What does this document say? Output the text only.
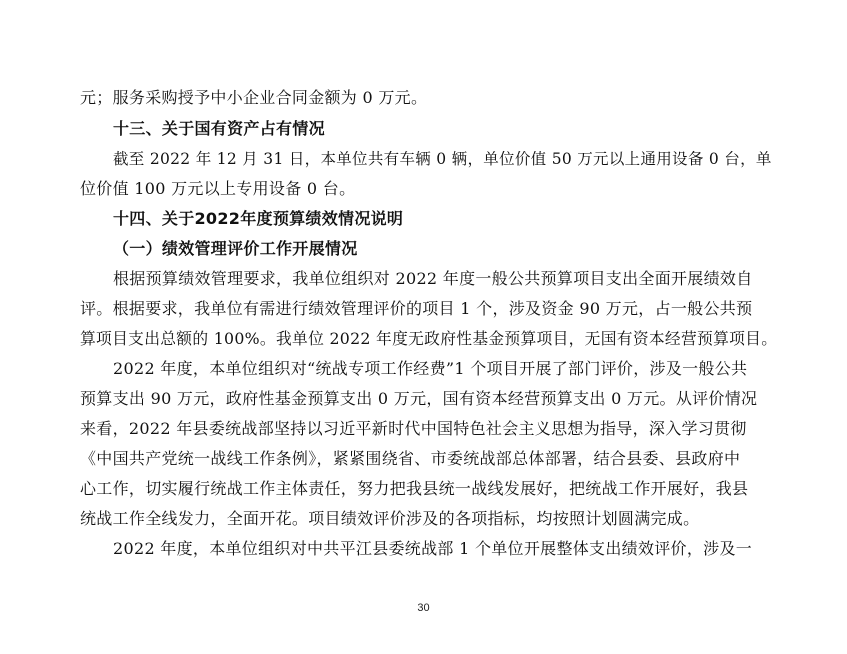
元；服务采购授予中小企业合同金额为 0 万元。
十三、关于国有资产占有情况
截至 2022 年 12 月 31 日，本单位共有车辆 0 辆，单位价值 50 万元以上通用设备 0 台，单
位价值 100 万元以上专用设备 0 台。
十四、关于2022年度预算绩效情况说明
（一）绩效管理评价工作开展情况
根据预算绩效管理要求，我单位组织对 2022 年度一般公共预算项目支出全面开展绩效自
评。根据要求，我单位有需进行绩效管理评价的项目 1 个，涉及资金 90 万元，占一般公共预
算项目支出总额的 100%。我单位 2022 年度无政府性基金预算项目，无国有资本经营预算项目。
2022 年度，本单位组织对“统战专项工作经费”1 个项目开展了部门评价，涉及一般公共
预算支出 90 万元，政府性基金预算支出 0 万元，国有资本经营预算支出 0 万元。从评价情况
来看，2022 年县委统战部坚持以习近平新时代中国特色社会主义思想为指导，深入学习贯彻
《中国共产党统一战线工作条例》，紧紧围绕省、市委统战部总体部署，结合县委、县政府中
心工作，切实履行统战工作主体责任，努力把我县统一战线发展好，把统战工作开展好，我县
统战工作全线发力，全面开花。项目绩效评价涉及的各项指标，均按照计划圆满完成。
2022 年度，本单位组织对中共平江县委统战部 1 个单位开展整体支出绩效评价，涉及一
30
